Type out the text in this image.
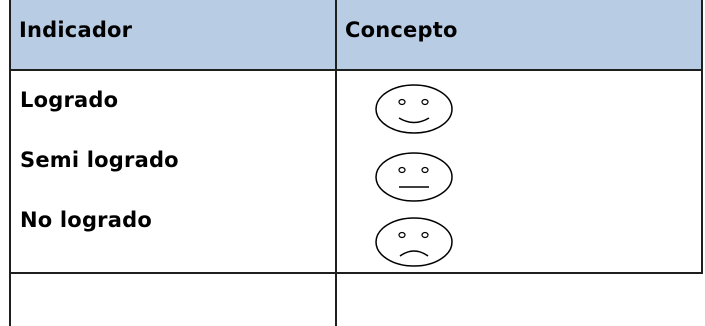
Indicador	Concepto
Logrado
Semi logrado
No logrado
